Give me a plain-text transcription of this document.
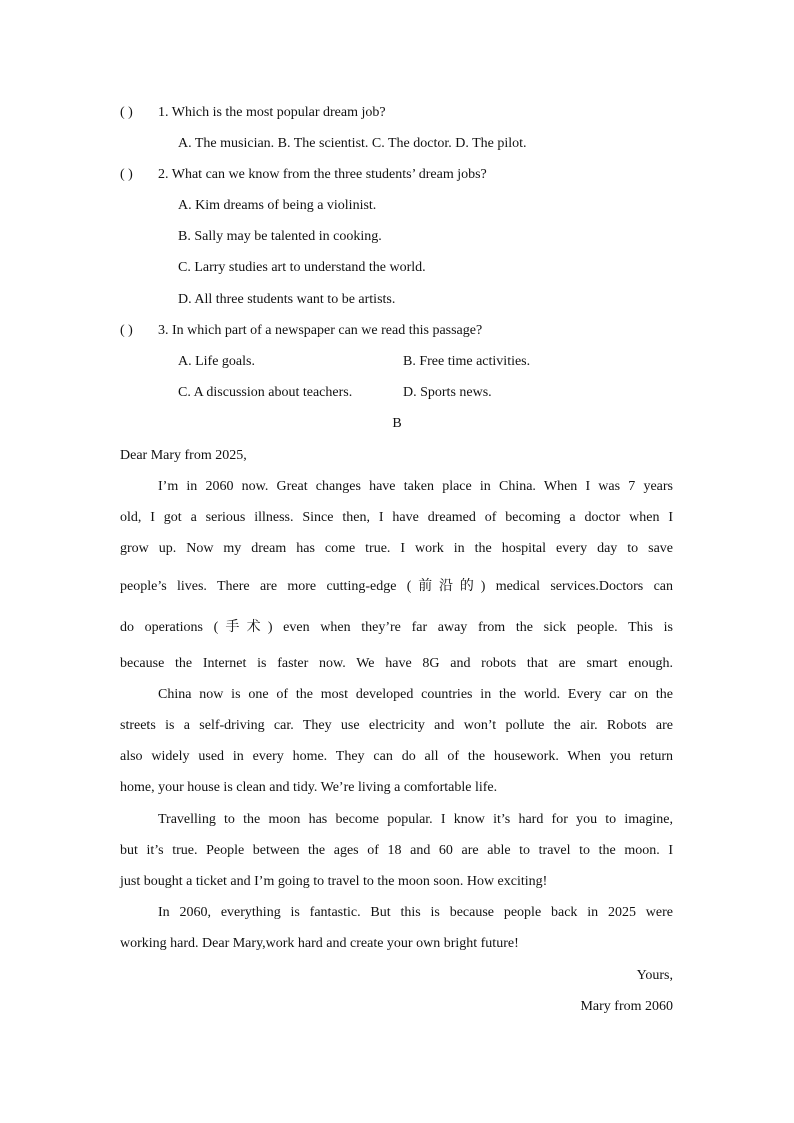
( ) 1. Which is the most popular dream job?
A. The musician. B. The scientist. C. The doctor. D. The pilot.
( ) 2. What can we know from the three students’ dream jobs?
A. Kim dreams of being a violinist.
B. Sally may be talented in cooking.
C. Larry studies art to understand the world.
D. All three students want to be artists.
( ) 3. In which part of a newspaper can we read this passage?
A. Life goals.	B. Free time activities.
C. A discussion about teachers.	D. Sports news.
B
Dear Mary from 2025,
I’m in 2060 now. Great changes have taken place in China. When I was 7 years
old, I got a serious illness. Since then, I have dreamed of becoming a doctor when I
grow up. Now my dream has come true. I work in the hospital every day to save
people’s lives. There are more cutting-edge (前沿的) medical services.Doctors can
do operations (手术) even when they’re far away from the sick people. This is
because the Internet is faster now. We have 8G and robots that are smart enough.
China now is one of the most developed countries in the world. Every car on the
streets is a self-driving car. They use electricity and won’t pollute the air. Robots are
also widely used in every home. They can do all of the housework. When you return
home, your house is clean and tidy. We’re living a comfortable life.
Travelling to the moon has become popular. I know it’s hard for you to imagine,
but it’s true. People between the ages of 18 and 60 are able to travel to the moon. I
just bought a ticket and I’m going to travel to the moon soon. How exciting!
In 2060, everything is fantastic. But this is because people back in 2025 were
working hard. Dear Mary,work hard and create your own bright future!
Yours,
Mary from 2060
